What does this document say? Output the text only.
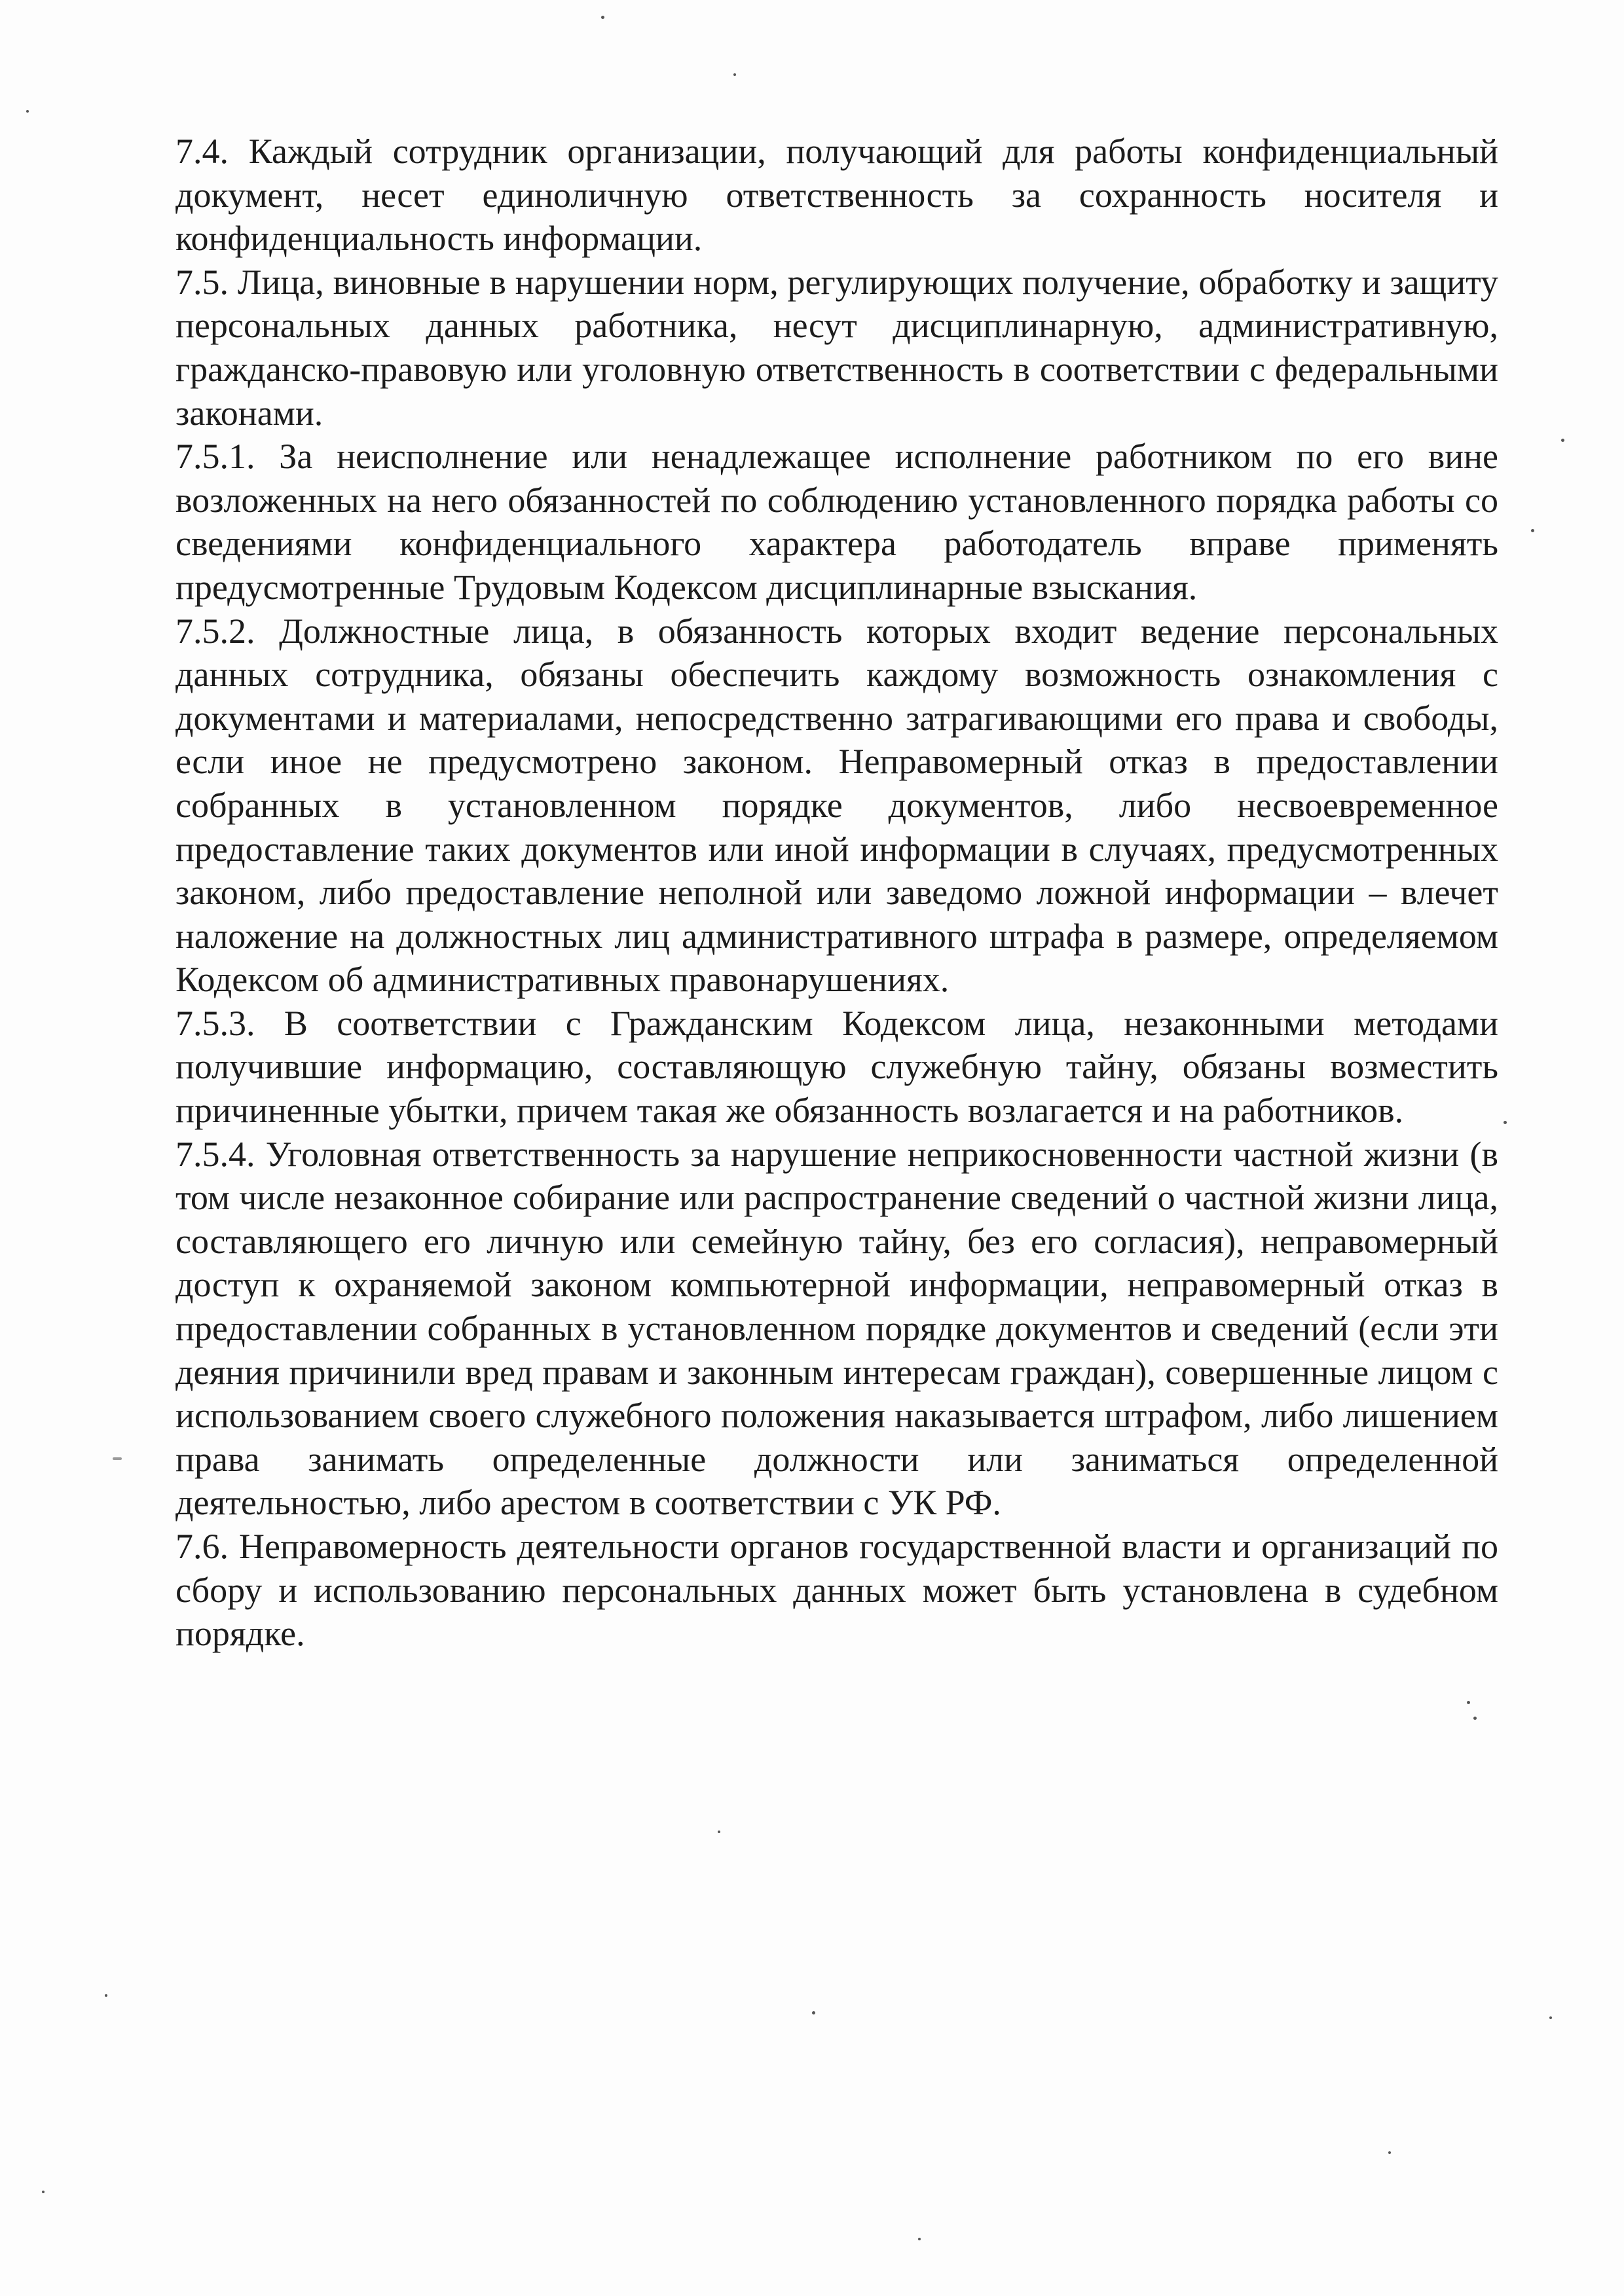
7.4. Каждый сотрудник организации, получающий для работы конфиденциальный документ, несет единоличную ответственность за сохранность носителя и конфиденциальность информации.

7.5. Лица, виновные в нарушении норм, регулирующих получение, обработку и защиту персональных данных работника, несут дисциплинарную, административную, гражданско-правовую или уголовную ответственность в соответствии с федеральными законами.

7.5.1. За неисполнение или ненадлежащее исполнение работником по его вине возложенных на него обязанностей по соблюдению установленного порядка работы со сведениями конфиденциального характера работодатель вправе применять предусмотренные Трудовым Кодексом дисциплинарные взыскания.

7.5.2. Должностные лица, в обязанность которых входит ведение персональных данных сотрудника, обязаны обеспечить каждому возможность ознакомления с документами и материалами, непосредственно затрагивающими его права и свободы, если иное не предусмотрено законом. Неправомерный отказ в предоставлении собранных в установленном порядке документов, либо несвоевременное предоставление таких документов или иной информации в случаях, предусмотренных законом, либо предоставление неполной или заведомо ложной информации – влечет наложение на должностных лиц административного штрафа в размере, определяемом Кодексом об административных правонарушениях.

7.5.3. В соответствии с Гражданским Кодексом лица, незаконными методами получившие информацию, составляющую служебную тайну, обязаны возместить причиненные убытки, причем такая же обязанность возлагается и на работников.

7.5.4. Уголовная ответственность за нарушение неприкосновенности частной жизни (в том числе незаконное собирание или распространение сведений о частной жизни лица, составляющего его личную или семейную тайну, без его согласия), неправомерный доступ к охраняемой законом компьютерной информации, неправомерный отказ в предоставлении собранных в установленном порядке документов и сведений (если эти деяния причинили вред правам и законным интересам граждан), совершенные лицом с использованием своего служебного положения наказывается штрафом, либо лишением права занимать определенные должности или заниматься определенной деятельностью, либо арестом в соответствии с УК РФ.

7.6. Неправомерность деятельности органов государственной власти и организаций по сбору и использованию персональных данных может быть установлена в судебном порядке.
